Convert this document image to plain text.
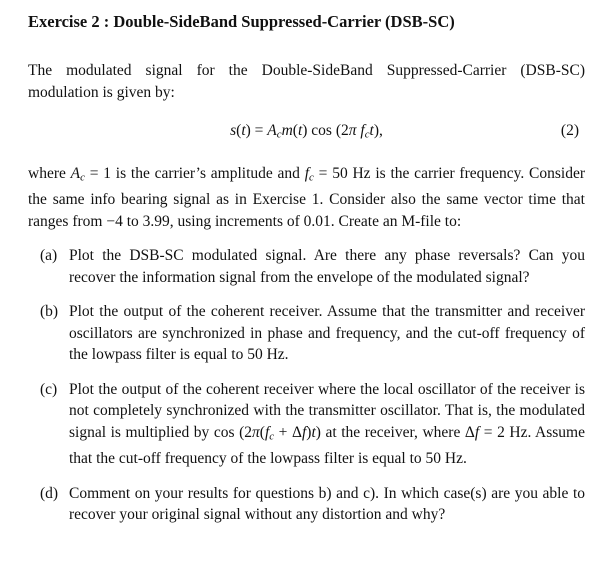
Exercise 2 : Double-SideBand Suppressed-Carrier (DSB-SC)

The modulated signal for the Double-SideBand Suppressed-Carrier (DSB-SC) modulation is given by:

s(t) = Acm(t) cos (2π fct),	(2)

where Ac = 1 is the carrier’s amplitude and fc = 50 Hz is the carrier frequency. Consider the same info bearing signal as in Exercise 1. Consider also the same vector time that ranges from −4 to 3.99, using increments of 0.01. Create an M-file to:

(a) Plot the DSB-SC modulated signal. Are there any phase reversals? Can you recover the information signal from the envelope of the modulated signal?
(b) Plot the output of the coherent receiver. Assume that the transmitter and receiver oscillators are synchronized in phase and frequency, and the cut-off frequency of the lowpass filter is equal to 50 Hz.
(c) Plot the output of the coherent receiver where the local oscillator of the receiver is not completely synchronized with the transmitter oscillator. That is, the modulated signal is multiplied by cos (2π(fc + Δf)t) at the receiver, where Δf = 2 Hz. Assume that the cut-off frequency of the lowpass filter is equal to 50 Hz.
(d) Comment on your results for questions b) and c). In which case(s) are you able to recover your original signal without any distortion and why?
